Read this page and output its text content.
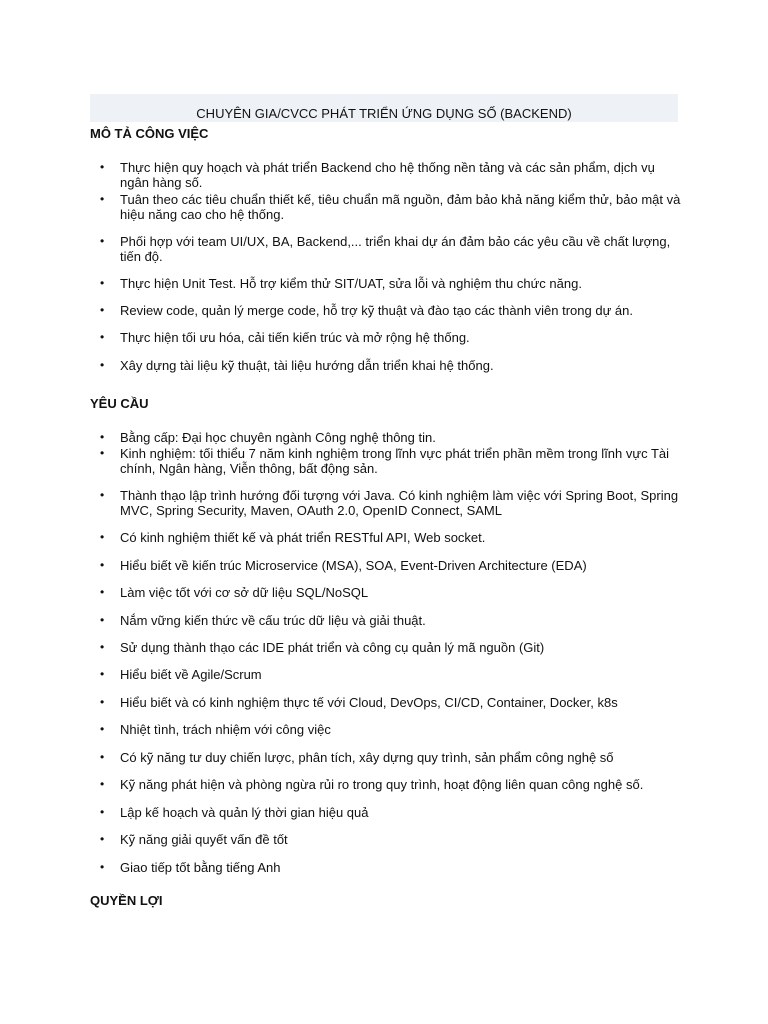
CHUYÊN GIA/CVCC PHÁT TRIỂN ỨNG DỤNG SỐ (BACKEND)
MÔ TẢ CÔNG VIỆC
•	Thực hiện quy hoạch và phát triển Backend cho hệ thống nền tảng và các sản phẩm, dịch vụ ngân hàng số.
•	Tuân theo các tiêu chuẩn thiết kế, tiêu chuẩn mã nguồn, đảm bảo khả năng kiểm thử, bảo mật và hiệu năng cao cho hệ thống.
•	Phối hợp với team UI/UX, BA, Backend,... triển khai dự án đảm bảo các yêu cầu về chất lượng, tiến độ.
•	Thực hiện Unit Test. Hỗ trợ kiểm thử SIT/UAT, sửa lỗi và nghiệm thu chức năng.
•	Review code, quản lý merge code, hỗ trợ kỹ thuật và đào tạo các thành viên trong dự án.
•	Thực hiện tối ưu hóa, cải tiến kiến trúc và mở rộng hệ thống.
•	Xây dựng tài liệu kỹ thuật, tài liệu hướng dẫn triển khai hệ thống.
YÊU CẦU
•	Bằng cấp: Đại học chuyên ngành Công nghệ thông tin.
•	Kinh nghiệm: tối thiểu 7 năm kinh nghiệm trong lĩnh vực phát triển phần mềm trong lĩnh vực Tài chính, Ngân hàng, Viễn thông, bất động sản.
•	Thành thạo lập trình hướng đối tượng với Java. Có kinh nghiệm làm việc với Spring Boot, Spring MVC, Spring Security, Maven, OAuth 2.0, OpenID Connect, SAML
•	Có kinh nghiệm thiết kế và phát triển RESTful API, Web socket.
•	Hiểu biết về kiến trúc Microservice (MSA), SOA, Event-Driven Architecture (EDA)
•	Làm việc tốt với cơ sở dữ liệu SQL/NoSQL
•	Nắm vững kiến thức về cấu trúc dữ liệu và giải thuật.
•	Sử dụng thành thạo các IDE phát triển và công cụ quản lý mã nguồn (Git)
•	Hiểu biết về Agile/Scrum
•	Hiểu biết và có kinh nghiệm thực tế với Cloud, DevOps, CI/CD, Container, Docker, k8s
•	Nhiệt tình, trách nhiệm với công việc
•	Có kỹ năng tư duy chiến lược, phân tích, xây dựng quy trình, sản phẩm công nghệ số
•	Kỹ năng phát hiện và phòng ngừa rủi ro trong quy trình, hoạt động liên quan công nghệ số.
•	Lập kế hoạch và quản lý thời gian hiệu quả
•	Kỹ năng giải quyết vấn đề tốt
•	Giao tiếp tốt bằng tiếng Anh
QUYỀN LỢI
